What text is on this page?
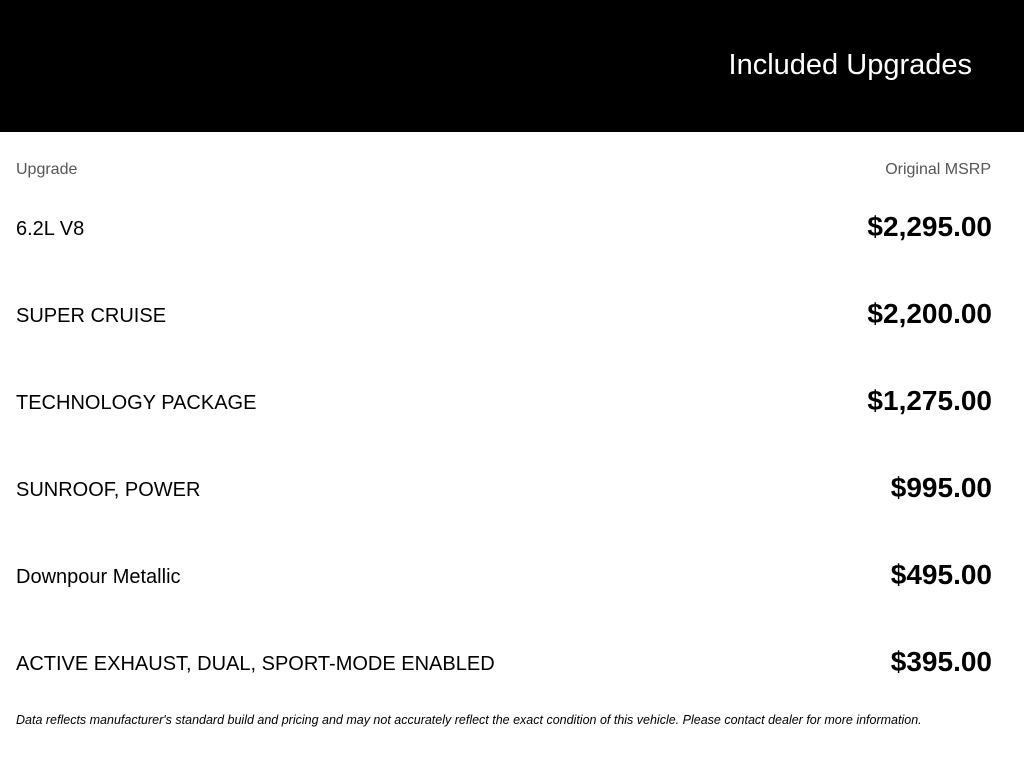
Included Upgrades
Upgrade	Original MSRP
6.2L V8	$2,295.00
SUPER CRUISE	$2,200.00
TECHNOLOGY PACKAGE	$1,275.00
SUNROOF, POWER	$995.00
Downpour Metallic	$495.00
ACTIVE EXHAUST, DUAL, SPORT-MODE ENABLED	$395.00
Data reflects manufacturer's standard build and pricing and may not accurately reflect the exact condition of this vehicle. Please contact dealer for more information.
